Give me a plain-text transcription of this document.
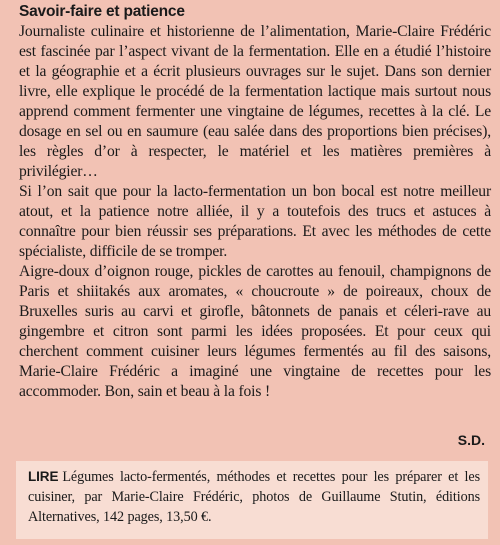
Savoir-faire et patience

Journaliste culinaire et historienne de l’alimentation, Marie-Claire Frédéric est fascinée par l’aspect vivant de la fermentation. Elle en a étudié l’histoire et la géographie et a écrit plusieurs ouvrages sur le sujet. Dans son dernier livre, elle explique le procédé de la fermentation lactique mais surtout nous apprend comment fermenter une vingtaine de légumes, recettes à la clé. Le dosage en sel ou en saumure (eau salée dans des proportions bien précises), les règles d’or à respecter, le matériel et les matières premières à privilégier…

Si l’on sait que pour la lacto-fermentation un bon bocal est notre meilleur atout, et la patience notre alliée, il y a toutefois des trucs et astuces à connaître pour bien réussir ses préparations. Et avec les méthodes de cette spécialiste, difficile de se tromper.

Aigre-doux d’oignon rouge, pickles de carottes au fenouil, champignons de Paris et shiitakés aux aromates, « choucroute » de poireaux, choux de Bruxelles suris au carvi et girofle, bâtonnets de panais et céleri-rave au gingembre et citron sont parmi les idées proposées. Et pour ceux qui cherchent comment cuisiner leurs légumes fermentés au fil des saisons, Marie-Claire Frédéric a imaginé une vingtaine de recettes pour les accommoder. Bon, sain et beau à la fois !

S.D.
LIRE Légumes lacto-fermentés, méthodes et recettes pour les préparer et les cuisiner, par Marie-Claire Frédéric, photos de Guillaume Stutin, éditions Alternatives, 142 pages, 13,50 €.
